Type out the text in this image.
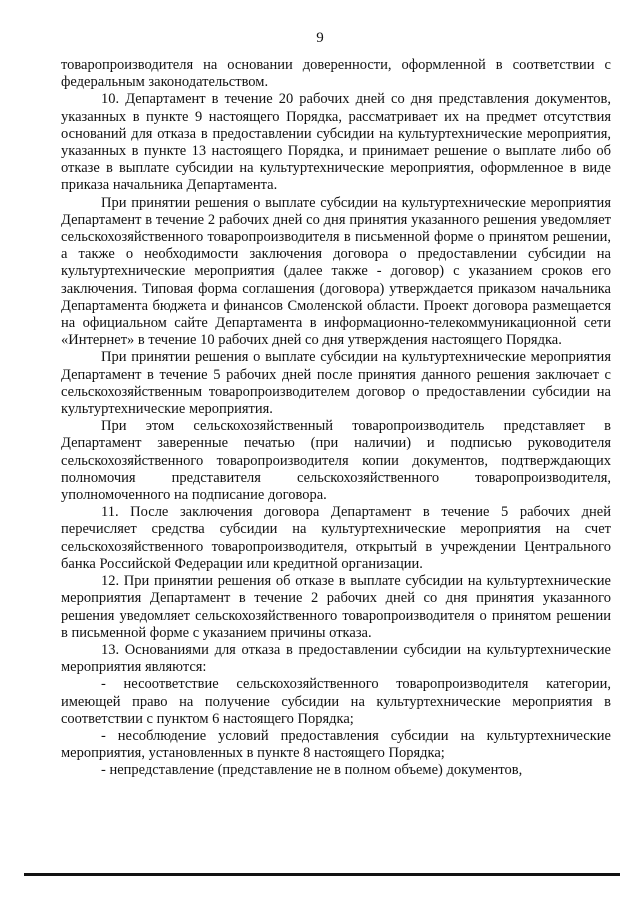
9

товаропроизводителя на основании доверенности, оформленной в соответствии с федеральным законодательством.

10. Департамент в течение 20 рабочих дней со дня представления документов, указанных в пункте 9 настоящего Порядка, рассматривает их на предмет отсутствия оснований для отказа в предоставлении субсидии на культуртехнические мероприятия, указанных в пункте 13 настоящего Порядка, и принимает решение о выплате либо об отказе в выплате субсидии на культуртехнические мероприятия, оформленное в виде приказа начальника Департамента.

При принятии решения о выплате субсидии на культуртехнические мероприятия Департамент в течение 2 рабочих дней со дня принятия указанного решения уведомляет сельскохозяйственного товаропроизводителя в письменной форме о принятом решении, а также о необходимости заключения договора о предоставлении субсидии на культуртехнические мероприятия (далее также - договор) с указанием сроков его заключения. Типовая форма соглашения (договора) утверждается приказом начальника Департамента бюджета и финансов Смоленской области. Проект договора размещается на официальном сайте Департамента в информационно-телекоммуникационной сети «Интернет» в течение 10 рабочих дней со дня утверждения настоящего Порядка.

При принятии решения о выплате субсидии на культуртехнические мероприятия Департамент в течение 5 рабочих дней после принятия данного решения заключает с сельскохозяйственным товаропроизводителем договор о предоставлении субсидии на культуртехнические мероприятия.

При этом сельскохозяйственный товаропроизводитель представляет в Департамент заверенные печатью (при наличии) и подписью руководителя сельскохозяйственного товаропроизводителя копии документов, подтверждающих полномочия представителя сельскохозяйственного товаропроизводителя, уполномоченного на подписание договора.

11. После заключения договора Департамент в течение 5 рабочих дней перечисляет средства субсидии на культуртехнические мероприятия на счет сельскохозяйственного товаропроизводителя, открытый в учреждении Центрального банка Российской Федерации или кредитной организации.

12. При принятии решения об отказе в выплате субсидии на культуртехнические мероприятия Департамент в течение 2 рабочих дней со дня принятия указанного решения уведомляет сельскохозяйственного товаропроизводителя о принятом решении в письменной форме с указанием причины отказа.

13. Основаниями для отказа в предоставлении субсидии на культуртехнические мероприятия являются:

- несоответствие сельскохозяйственного товаропроизводителя категории, имеющей право на получение субсидии на культуртехнические мероприятия в соответствии с пунктом 6 настоящего Порядка;

- несоблюдение условий предоставления субсидии на культуртехнические мероприятия, установленных в пункте 8 настоящего Порядка;

- непредставление (представление не в полном объеме) документов,
